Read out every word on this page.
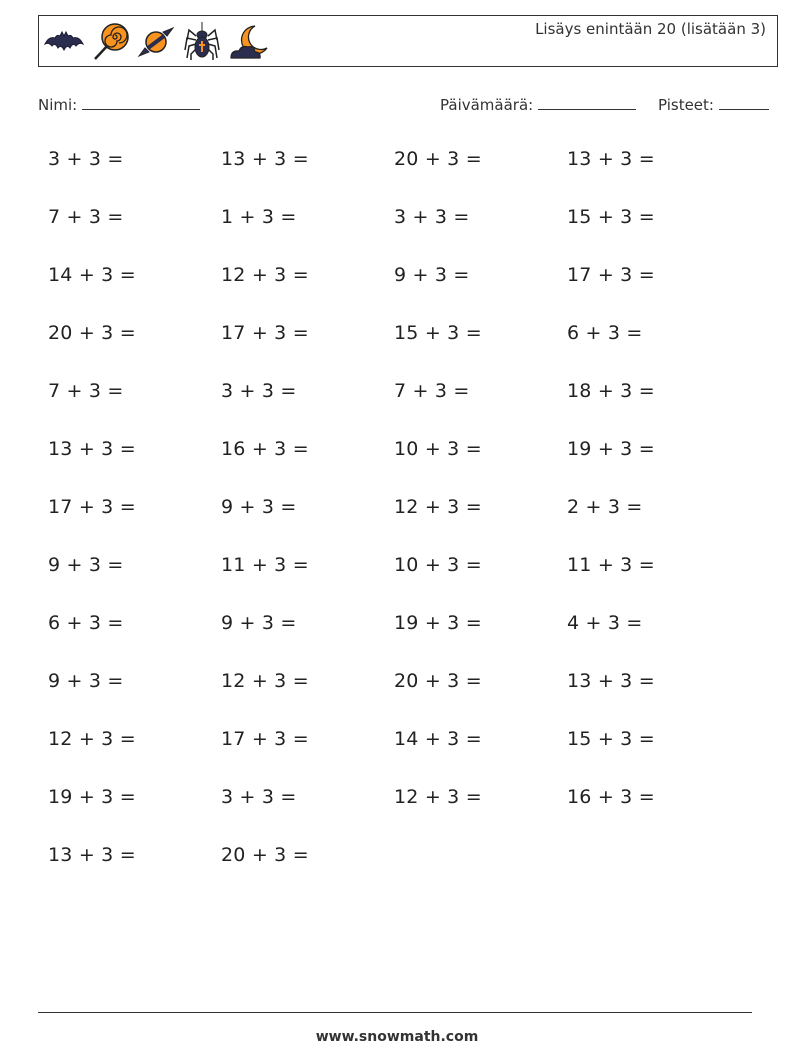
Lisäys enintään 20 (lisätään 3)
Nimi:	Päivämäärä:	Pisteet:
3 + 3 =	13 + 3 =	20 + 3 =	13 + 3 =
7 + 3 =	1 + 3 =	3 + 3 =	15 + 3 =
14 + 3 =	12 + 3 =	9 + 3 =	17 + 3 =
20 + 3 =	17 + 3 =	15 + 3 =	6 + 3 =
7 + 3 =	3 + 3 =	7 + 3 =	18 + 3 =
13 + 3 =	16 + 3 =	10 + 3 =	19 + 3 =
17 + 3 =	9 + 3 =	12 + 3 =	2 + 3 =
9 + 3 =	11 + 3 =	10 + 3 =	11 + 3 =
6 + 3 =	9 + 3 =	19 + 3 =	4 + 3 =
9 + 3 =	12 + 3 =	20 + 3 =	13 + 3 =
12 + 3 =	17 + 3 =	14 + 3 =	15 + 3 =
19 + 3 =	3 + 3 =	12 + 3 =	16 + 3 =
13 + 3 =	20 + 3 =
www.snowmath.com
